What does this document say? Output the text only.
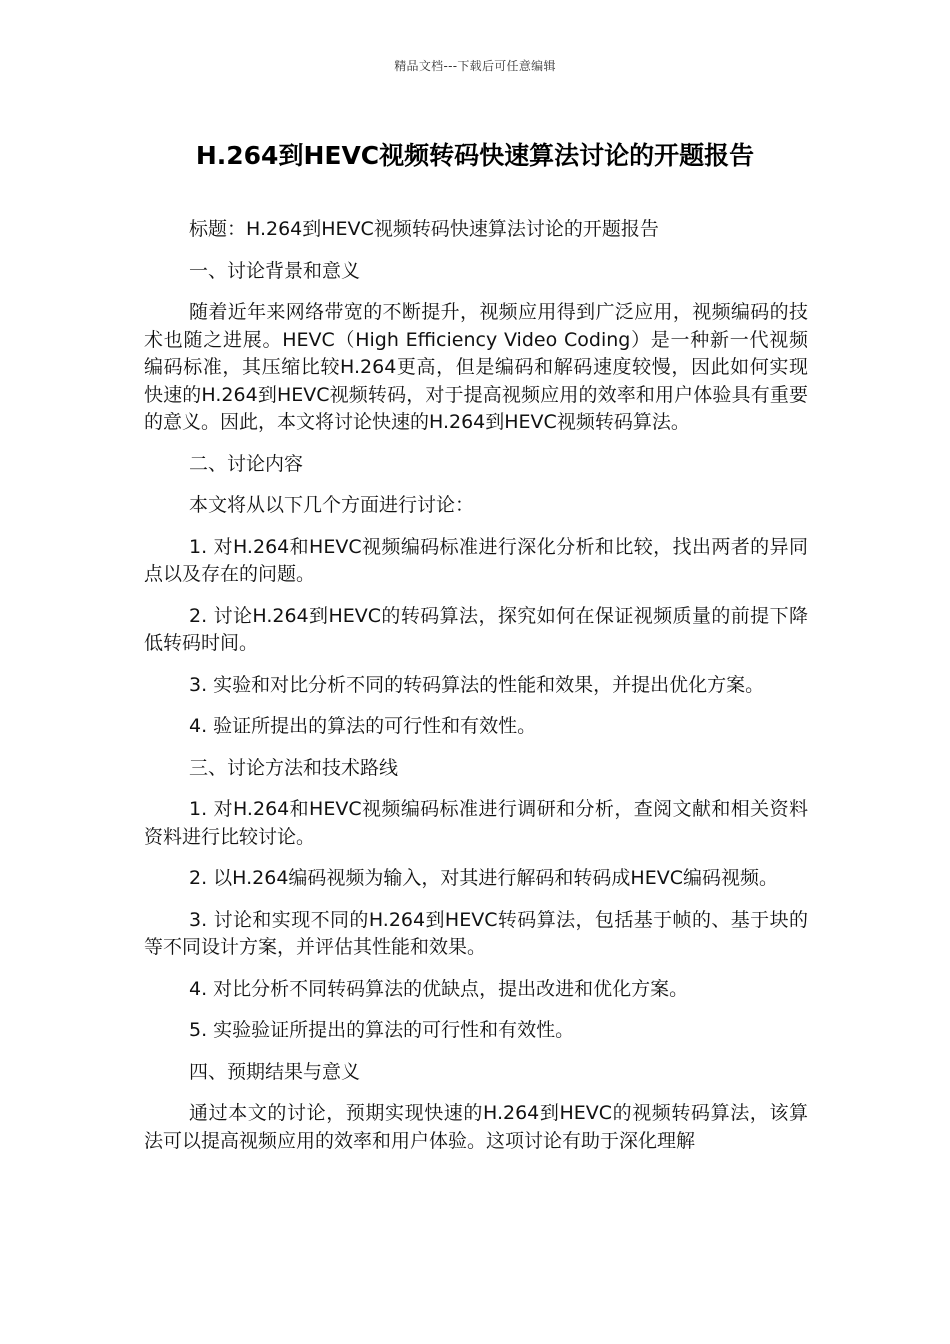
精品文档---下载后可任意编辑
H.264到HEVC视频转码快速算法讨论的开题报告

标题：H.264到HEVC视频转码快速算法讨论的开题报告

一、讨论背景和意义

随着近年来网络带宽的不断提升，视频应用得到广泛应用，视频编码的技术也随之进展。HEVC（High Efficiency Video Coding）是一种新一代视频编码标准，其压缩比较H.264更高，但是编码和解码速度较慢，因此如何实现快速的H.264到HEVC视频转码，对于提高视频应用的效率和用户体验具有重要的意义。因此，本文将讨论快速的H.264到HEVC视频转码算法。

二、讨论内容

本文将从以下几个方面进行讨论：

1. 对H.264和HEVC视频编码标准进行深化分析和比较，找出两者的异同点以及存在的问题。

2. 讨论H.264到HEVC的转码算法，探究如何在保证视频质量的前提下降低转码时间。

3. 实验和对比分析不同的转码算法的性能和效果，并提出优化方案。

4. 验证所提出的算法的可行性和有效性。

三、讨论方法和技术路线

1. 对H.264和HEVC视频编码标准进行调研和分析，查阅文献和相关资料资料进行比较讨论。

2. 以H.264编码视频为输入，对其进行解码和转码成HEVC编码视频。

3. 讨论和实现不同的H.264到HEVC转码算法，包括基于帧的、基于块的等不同设计方案，并评估其性能和效果。

4. 对比分析不同转码算法的优缺点，提出改进和优化方案。

5. 实验验证所提出的算法的可行性和有效性。

四、预期结果与意义

通过本文的讨论，预期实现快速的H.264到HEVC的视频转码算法，该算法可以提高视频应用的效率和用户体验。这项讨论有助于深化理解
